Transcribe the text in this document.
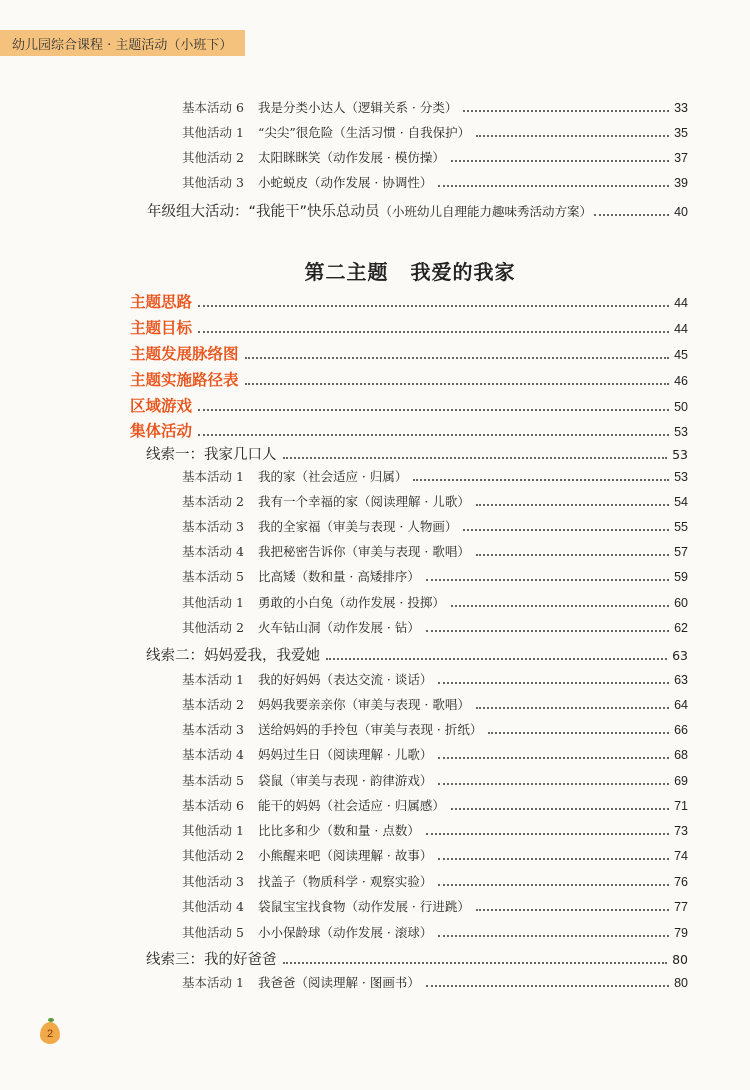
幼儿园综合课程 · 主题活动（小班下）
基本活动 6 我是分类小达人（逻辑关系 · 分类）	33
其他活动 1 “尖尖”很危险（生活习惯 · 自我保护）	35
其他活动 2 太阳眯眯笑（动作发展 · 模仿操）	37
其他活动 3 小蛇蜕皮（动作发展 · 协调性）	39
年级组大活动：“我能干”快乐总动员 （小班幼儿自理能力趣味秀活动方案）	40
第二主题 我爱的我家
主题思路	44
主题目标	44
主题发展脉络图	45
主题实施路径表	46
区域游戏	50
集体活动	53
线索一：我家几口人	53
基本活动 1 我的家（社会适应 · 归属）	53
基本活动 2 我有一个幸福的家（阅读理解 · 儿歌）	54
基本活动 3 我的全家福（审美与表现 · 人物画）	55
基本活动 4 我把秘密告诉你（审美与表现 · 歌唱）	57
基本活动 5 比高矮（数和量 · 高矮排序）	59
其他活动 1 勇敢的小白兔（动作发展 · 投掷）	60
其他活动 2 火车钻山洞（动作发展 · 钻）	62
线索二：妈妈爱我，我爱她	63
基本活动 1 我的好妈妈（表达交流 · 谈话）	63
基本活动 2 妈妈我要亲亲你（审美与表现 · 歌唱）	64
基本活动 3 送给妈妈的手拎包（审美与表现 · 折纸）	66
基本活动 4 妈妈过生日（阅读理解 · 儿歌）	68
基本活动 5 袋鼠（审美与表现 · 韵律游戏）	69
基本活动 6 能干的妈妈（社会适应 · 归属感）	71
其他活动 1 比比多和少（数和量 · 点数）	73
其他活动 2 小熊醒来吧（阅读理解 · 故事）	74
其他活动 3 找盖子（物质科学 · 观察实验）	76
其他活动 4 袋鼠宝宝找食物（动作发展 · 行进跳）	77
其他活动 5 小小保龄球（动作发展 · 滚球）	79
线索三：我的好爸爸	80
基本活动 1 我爸爸（阅读理解 · 图画书）	80
2
